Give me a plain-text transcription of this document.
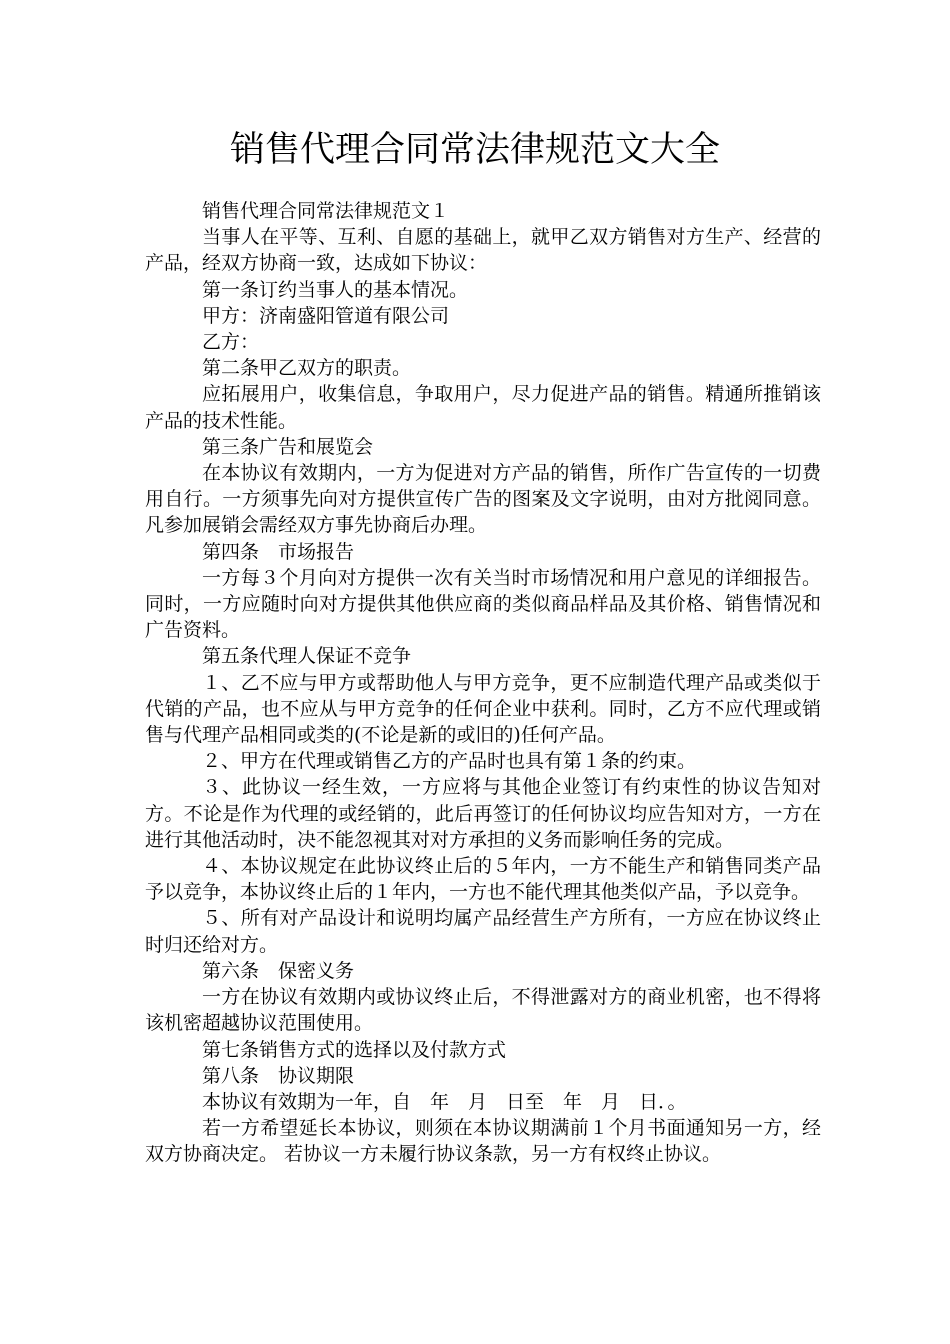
销售代理合同常法律规范文大全

销售代理合同常法律规范文１

当事人在平等、互利、自愿的基础上，就甲乙双方销售对方生产、经营的产品，经双方协商一致，达成如下协议：

第一条订约当事人的基本情况。

甲方：济南盛阳管道有限公司

乙方：

第二条甲乙双方的职责。

应拓展用户，收集信息，争取用户，尽力促进产品的销售。精通所推销该产品的技术性能。

第三条广告和展览会

在本协议有效期内，一方为促进对方产品的销售，所作广告宣传的一切费用自行。一方须事先向对方提供宣传广告的图案及文字说明，由对方批阅同意。凡参加展销会需经双方事先协商后办理。

第四条　市场报告

一方每３个月向对方提供一次有关当时市场情况和用户意见的详细报告。同时，一方应随时向对方提供其他供应商的类似商品样品及其价格、销售情况和广告资料。

第五条代理人保证不竞争

１、乙不应与甲方或帮助他人与甲方竞争，更不应制造代理产品或类似于代销的产品，也不应从与甲方竞争的任何企业中获利。同时，乙方不应代理或销售与代理产品相同或类的(不论是新的或旧的)任何产品。

２、甲方在代理或销售乙方的产品时也具有第１条的约束。

３、此协议一经生效，一方应将与其他企业签订有约束性的协议告知对方。不论是作为代理的或经销的，此后再签订的任何协议均应告知对方，一方在进行其他活动时，决不能忽视其对对方承担的义务而影响任务的完成。

４、本协议规定在此协议终止后的５年内，一方不能生产和销售同类产品予以竞争，本协议终止后的１年内，一方也不能代理其他类似产品，予以竞争。

５、所有对产品设计和说明均属产品经营生产方所有，一方应在协议终止时归还给对方。

第六条　保密义务

一方在协议有效期内或协议终止后，不得泄露对方的商业机密，也不得将该机密超越协议范围使用。

第七条销售方式的选择以及付款方式

第八条　协议期限

本协议有效期为一年，自　年　月　日至　年　月　日．。

若一方希望延长本协议，则须在本协议期满前１个月书面通知另一方，经双方协商决定。 若协议一方未履行协议条款，另一方有权终止协议。
